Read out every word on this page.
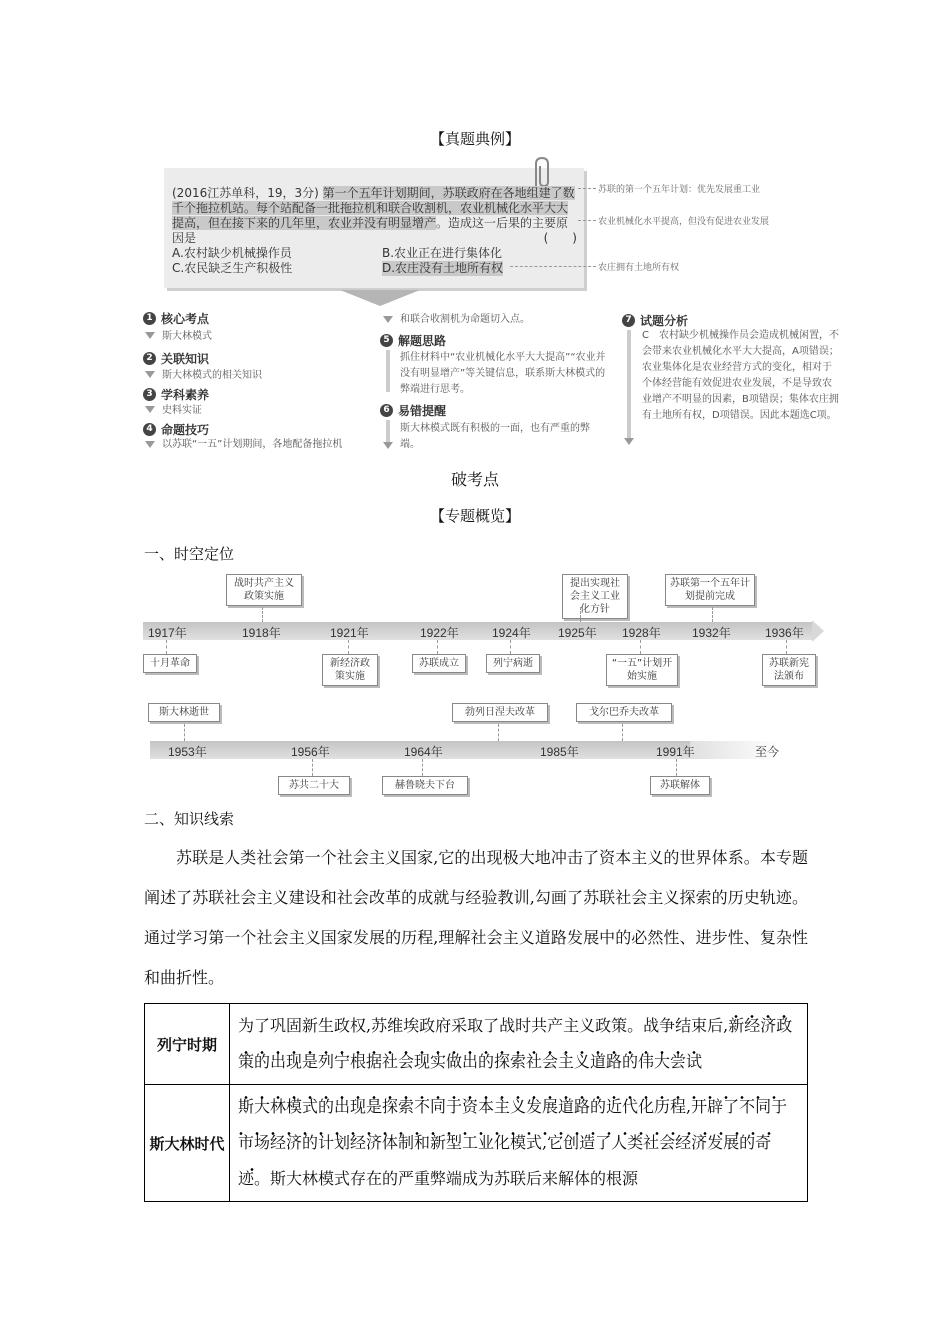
【真题典例】
(2016江苏单科，19，3分) 第一个五年计划期间，苏联政府在各地组建了数千个拖拉机站。每个站配备一批拖拉机和联合收割机，农业机械化水平大大提高，但在接下来的几年里，农业并没有明显增产。造成这一后果的主要原因是	(　　)
A.农村缺少机械操作员	B.农业正在进行集体化
C.农民缺乏生产积极性	D.农庄没有土地所有权
苏联的第一个五年计划：优先发展重工业
农业机械化水平提高，但没有促进农业发展
农庄拥有土地所有权
1 核心考点
斯大林模式
2 关联知识
斯大林模式的相关知识
3 学科素养
史料实证
4 命题技巧
以苏联“一五”计划期间，各地配备拖拉机
和联合收割机为命题切入点。
5 解题思路
抓住材料中“农业机械化水平大大提高”“农业并没有明显增产”等关键信息，联系斯大林模式的弊端进行思考。
6 易错提醒
斯大林模式既有积极的一面，也有严重的弊端。
7 试题分析
C　农村缺少机械操作员会造成机械闲置，不会带来农业机械化水平大大提高，A项错误；农业集体化是农业经营方式的变化，相对于个体经营能有效促进农业发展，不是导致农业增产不明显的因素，B项错误；集体农庄拥有土地所有权，D项错误。因此本题选C项。
破考点
【专题概览】
一、时空定位
1917年	1918年	1921年	1922年	1924年 1925年 1928年	1932年	1936年
战时共产主义政策实施
提出实现社会主义工业化方针
苏联第一个五年计划提前完成
十月革命	新经济政策实施
苏联成立	列宁病逝	“一五”计划开始实施
苏联新宪法颁布
1953年	1956年	1964年	1985年	1991年	至今
斯大林逝世	勃列日涅夫改革	戈尔巴乔夫改革
苏共二十大	赫鲁晓夫下台	苏联解体
二、知识线索
苏联是人类社会第一个社会主义国家,它的出现极大地冲击了资本主义的世界体系。本专题阐述了苏联社会主义建设和社会改革的成就与经验教训,勾画了苏联社会主义探索的历史轨迹。通过学习第一个社会主义国家发展的历程,理解社会主义道路发展中的必然性、进步性、复杂性和曲折性。
列宁时期	为了巩固新生政权,苏维埃政府采取了战时共产主义政策。战争结束后,新经济政策的出现是列宁根据社会现实做出的探索社会主义道路的伟大尝试
斯大林时代	斯大林模式的出现是探索不同于资本主义发展道路的近代化历程,开辟了不同于市场经济的计划经济体制和新型工业化模式,它创造了人类社会经济发展的奇迹。斯大林模式存在的严重弊端成为苏联后来解体的根源
